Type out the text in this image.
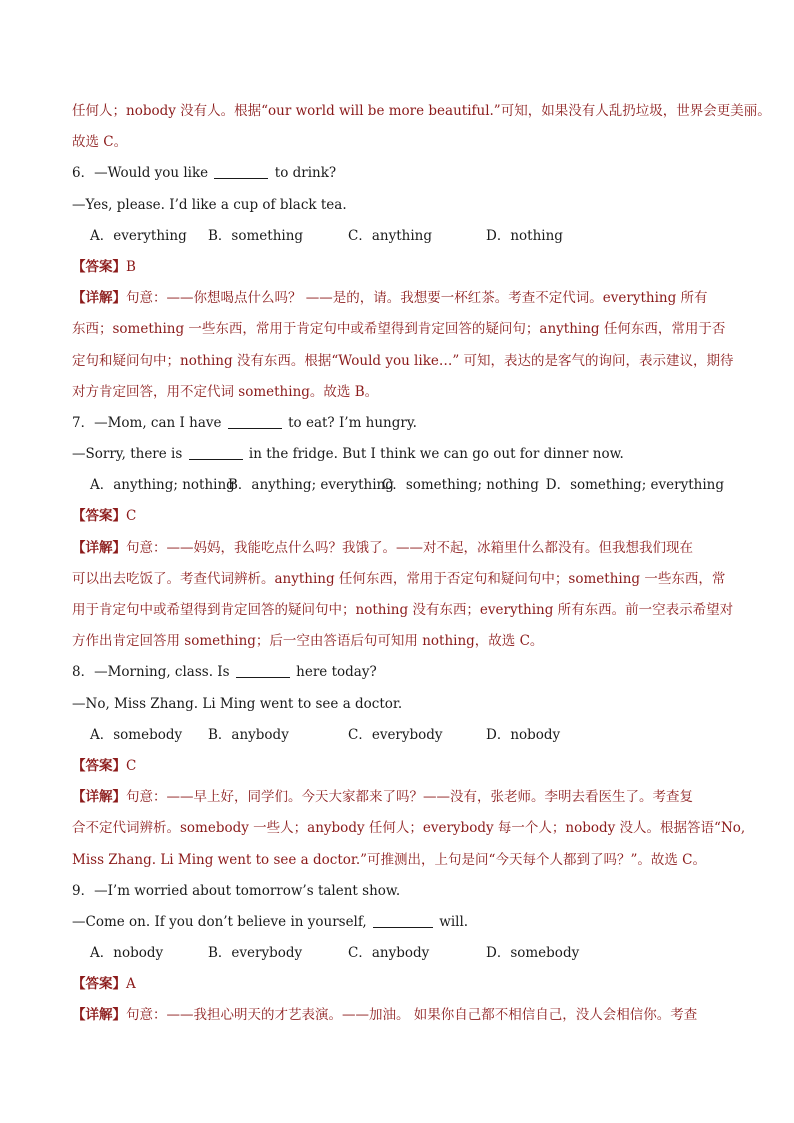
任何人；nobody 没有人。根据“our world will be more beautiful.”可知，如果没有人乱扔垃圾，世界会更美丽。
故选 C。
6．—Would you like	to drink?
—Yes, please. I’d like a cup of black tea.
A．everything	B．something	C．anything	D．nothing
【答案】B
【详解】句意：——你想喝点什么吗？ ——是的，请。我想要一杯红茶。考查不定代词。everything 所有
东西；something 一些东西，常用于肯定句中或希望得到肯定回答的疑问句；anything 任何东西，常用于否
定句和疑问句中；nothing 没有东西。根据“Would you like…” 可知，表达的是客气的询问，表示建议，期待
对方肯定回答，用不定代词 something。故选 B。
7．—Mom, can I have	to eat? I’m hungry.
—Sorry, there is	in the fridge. But I think we can go out for dinner now.
A．anything; nothing
B．anything; everything
C．something; nothing D．something; everything
【答案】C
【详解】句意：——妈妈，我能吃点什么吗？我饿了。——对不起，冰箱里什么都没有。但我想我们现在
可以出去吃饭了。考查代词辨析。anything 任何东西，常用于否定句和疑问句中；something 一些东西，常
用于肯定句中或希望得到肯定回答的疑问句中；nothing 没有东西；everything 所有东西。前一空表示希望对
方作出肯定回答用 something；后一空由答语后句可知用 nothing，故选 C。
8．—Morning, class. Is	here today?
—No, Miss Zhang. Li Ming went to see a doctor.
A．somebody	B．anybody	C．everybody	D．nobody
【答案】C
【详解】句意：——早上好，同学们。今天大家都来了吗？——没有，张老师。李明去看医生了。考查复
合不定代词辨析。somebody 一些人；anybody 任何人；everybody 每一个人；nobody 没人。根据答语“No,
Miss Zhang. Li Ming went to see a doctor.”可推测出，上句是问“今天每个人都到了吗？”。故选 C。
9．—I’m worried about tomorrow’s talent show.
—Come on. If you don’t believe in yourself,	will.
A．nobody	B．everybody	C．anybody	D．somebody
【答案】A
【详解】句意：——我担心明天的才艺表演。——加油。 如果你自己都不相信自己，没人会相信你。考查
